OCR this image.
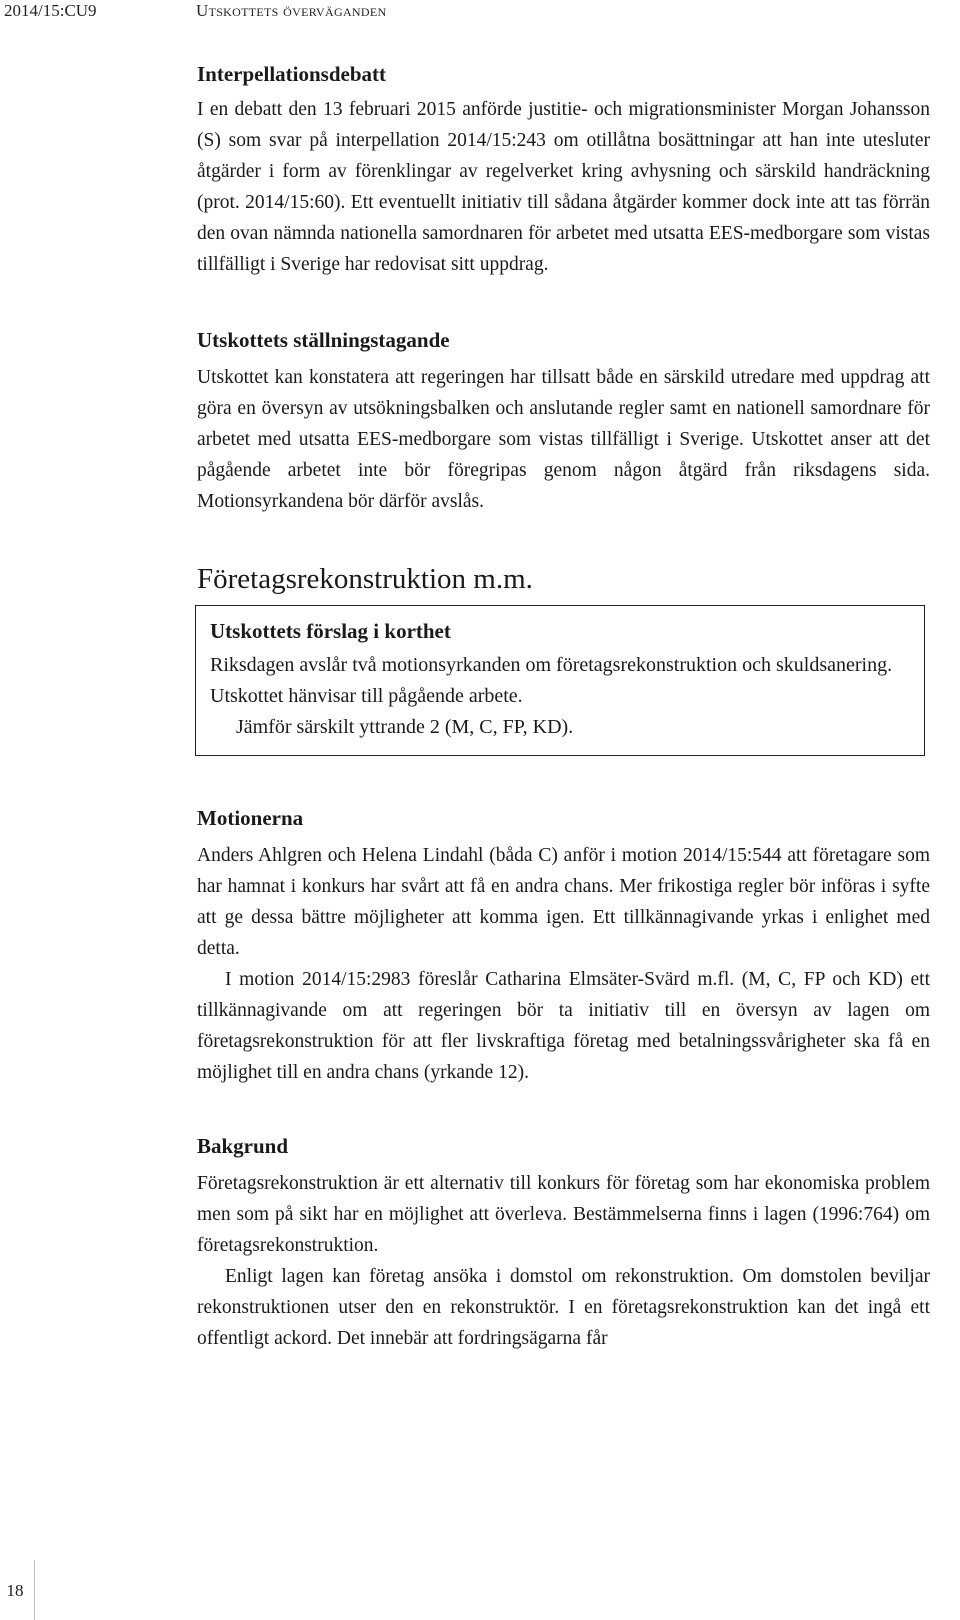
2014/15:CU9	Utskottets överväganden
Interpellationsdebatt

I en debatt den 13 februari 2015 anförde justitie- och migrationsminister Morgan Johansson (S) som svar på interpellation 2014/15:243 om otillåtna bosättningar att han inte utesluter åtgärder i form av förenklingar av regelverket kring avhysning och särskild handräckning (prot. 2014/15:60). Ett eventuellt initiativ till sådana åtgärder kommer dock inte att tas förrän den ovan nämnda nationella samordnaren för arbetet med utsatta EES-medborgare som vistas tillfälligt i Sverige har redovisat sitt uppdrag.

Utskottets ställningstagande

Utskottet kan konstatera att regeringen har tillsatt både en särskild utredare med uppdrag att göra en översyn av utsökningsbalken och anslutande regler samt en nationell samordnare för arbetet med utsatta EES-medborgare som vistas tillfälligt i Sverige. Utskottet anser att det pågående arbetet inte bör föregripas genom någon åtgärd från riksdagens sida. Motionsyrkandena bör därför avslås.

Företagsrekonstruktion m.m.
Utskottets förslag i korthet

Riksdagen avslår två motionsyrkanden om företagsrekonstruktion och skuldsanering. Utskottet hänvisar till pågående arbete.

Jämför särskilt yttrande 2 (M, C, FP, KD).

Motionerna

Anders Ahlgren och Helena Lindahl (båda C) anför i motion 2014/15:544 att företagare som har hamnat i konkurs har svårt att få en andra chans. Mer frikostiga regler bör införas i syfte att ge dessa bättre möjligheter att komma igen. Ett tillkännagivande yrkas i enlighet med detta.

I motion 2014/15:2983 föreslår Catharina Elmsäter-Svärd m.fl. (M, C, FP och KD) ett tillkännagivande om att regeringen bör ta initiativ till en översyn av lagen om företagsrekonstruktion för att fler livskraftiga företag med betalningssvårigheter ska få en möjlighet till en andra chans (yrkande 12).

Bakgrund

Företagsrekonstruktion är ett alternativ till konkurs för företag som har ekonomiska problem men som på sikt har en möjlighet att överleva. Bestämmelserna finns i lagen (1996:764) om företagsrekonstruktion.

Enligt lagen kan företag ansöka i domstol om rekonstruktion. Om domstolen beviljar rekonstruktionen utser den en rekonstruktör. I en företagsrekonstruktion kan det ingå ett offentligt ackord. Det innebär att fordringsägarna får

18
